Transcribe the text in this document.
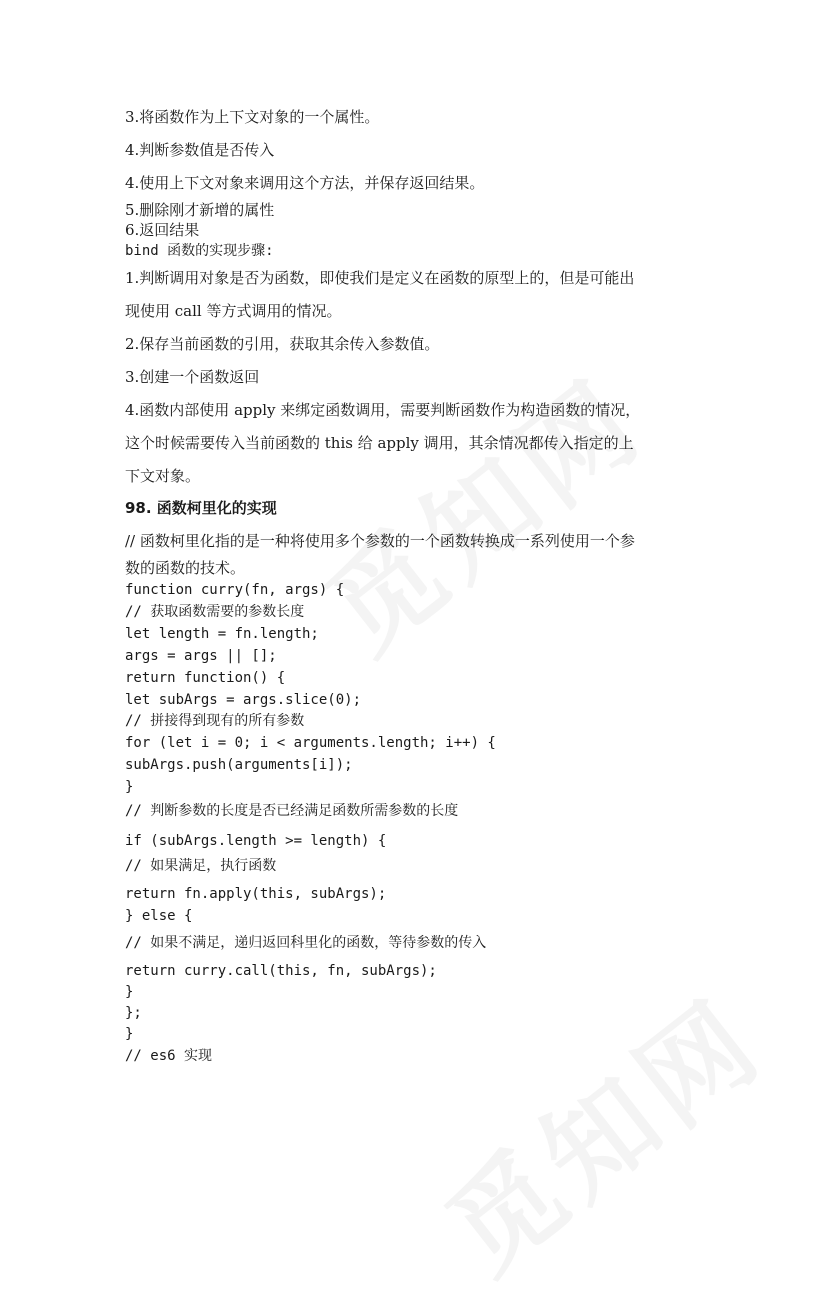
3.将函数作为上下文对象的一个属性。
4.判断参数值是否传入
4.使用上下文对象来调用这个方法，并保存返回结果。
5.删除刚才新增的属性
6.返回结果
bind 函数的实现步骤:
1.判断调用对象是否为函数，即使我们是定义在函数的原型上的，但是可能出
现使用 call 等方式调用的情况。
2.保存当前函数的引用，获取其余传入参数值。
3.创建一个函数返回
4.函数内部使用 apply 来绑定函数调用，需要判断函数作为构造函数的情况，
这个时候需要传入当前函数的 this 给 apply 调用，其余情况都传入指定的上
下文对象。
98. 函数柯里化的实现
// 函数柯里化指的是一种将使用多个参数的一个函数转换成一系列使用一个参
数的函数的技术。
function curry(fn, args) {
// 获取函数需要的参数长度
let length = fn.length;
args = args || [];
return function() {
let subArgs = args.slice(0);
// 拼接得到现有的所有参数
for (let i = 0; i < arguments.length; i++) {
subArgs.push(arguments[i]);
}
// 判断参数的长度是否已经满足函数所需参数的长度
if (subArgs.length >= length) {
// 如果满足，执行函数
return fn.apply(this, subArgs);
} else {
// 如果不满足，递归返回科里化的函数，等待参数的传入
return curry.call(this, fn, subArgs);
}
};
}
// es6 实现
